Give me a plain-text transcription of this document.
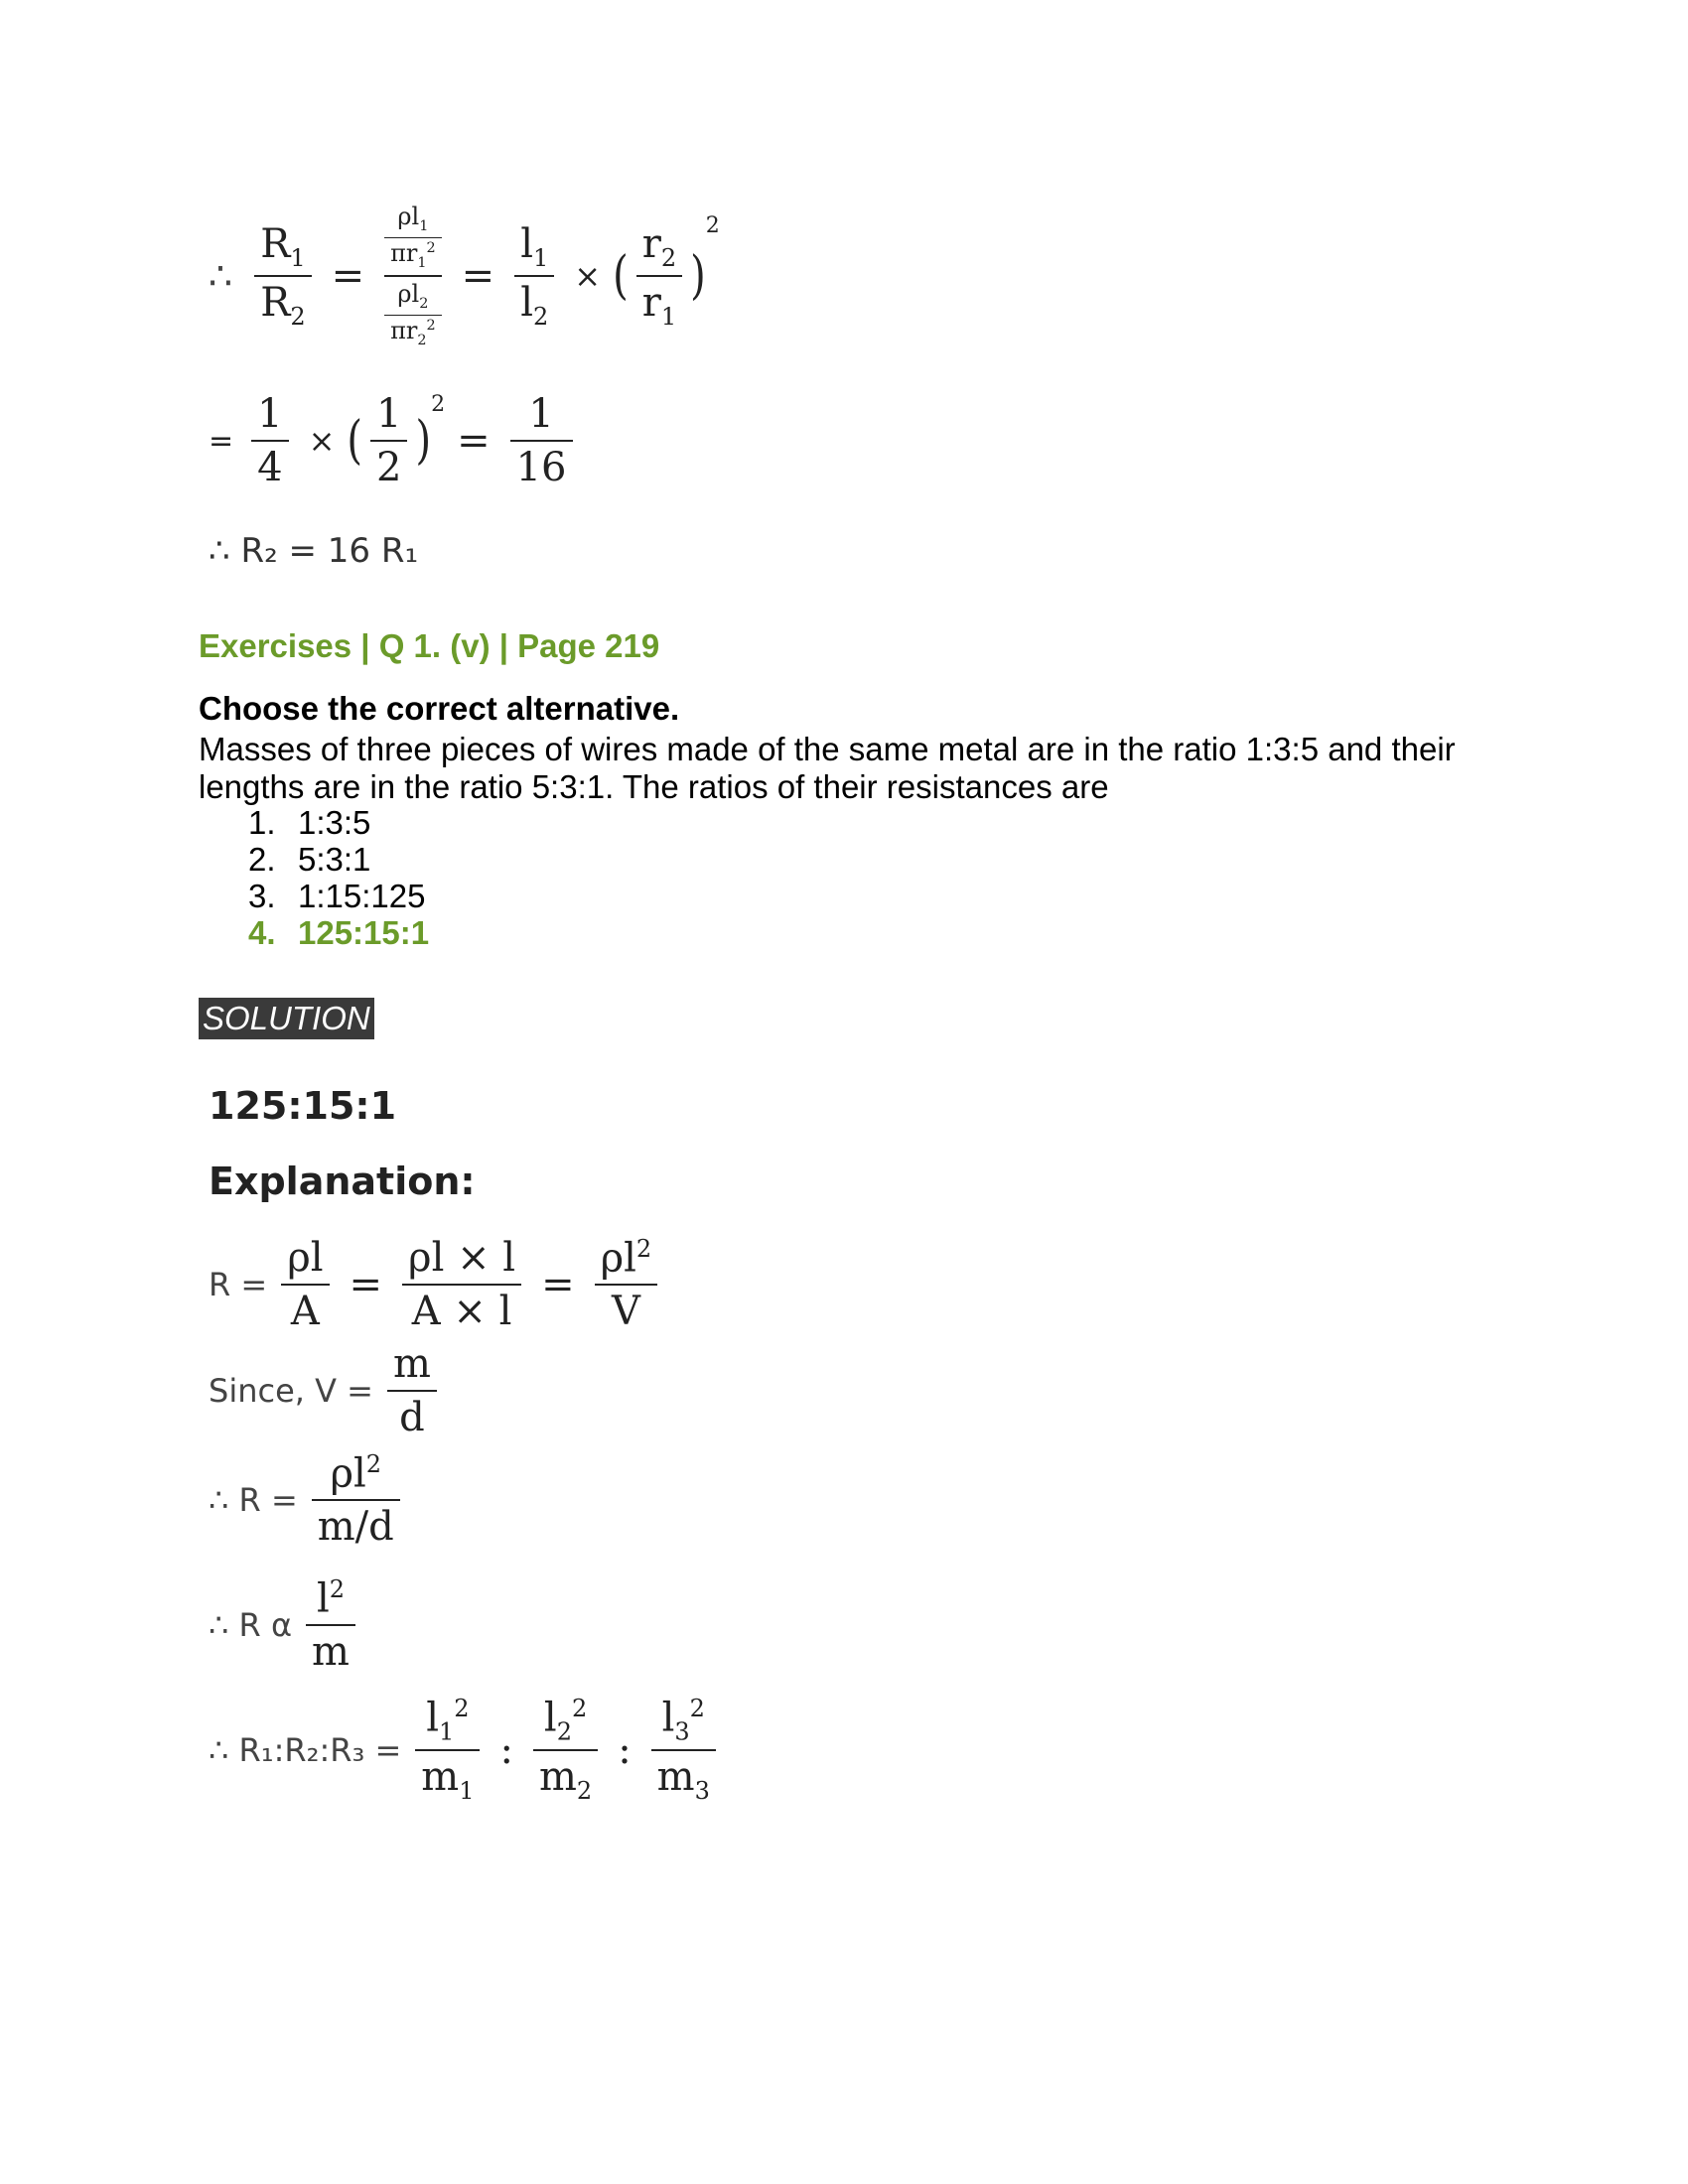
∴ $\frac{R_1}{R_2} = \frac{\frac{\rho l_1}{\pi r_1^2}}{\frac{\rho l_2}{\pi r_2^2}} = \frac{l_1}{l_2}$ × ( $\frac{r_2}{r_1}$ )
2
= $\frac{1}{4}$ × ( $\frac{1}{2}$ )
2
= $\frac{1}{16}$
∴ R₂ = 16 R₁
Exercises | Q 1. (v) | Page 219
Choose the correct alternative.
Masses of three pieces of wires made of the same metal are in the ratio 1:3:5 and their lengths are in the ratio 5:3:1. The ratios of their resistances are
1. 1:3:5
2. 5:3:1
3. 1:15:125
4. 125:15:1
SOLUTION
125:15:1
Explanation:
$R = \frac{\rho l}{A} = \frac{\rho l \times l}{A \times l} = \frac{\rho l^2}{V}$
Since, $V = \frac{m}{d}$
∴ $R = \frac{\rho l^2}{m/d}$
∴ R α $\frac{l^2}{m}$
∴ R₁:R₂:R₃ = $\frac{l_1^2}{m_1}$ : $\frac{l_2^2}{m_2}$ : $\frac{l_3^2}{m_3}$
